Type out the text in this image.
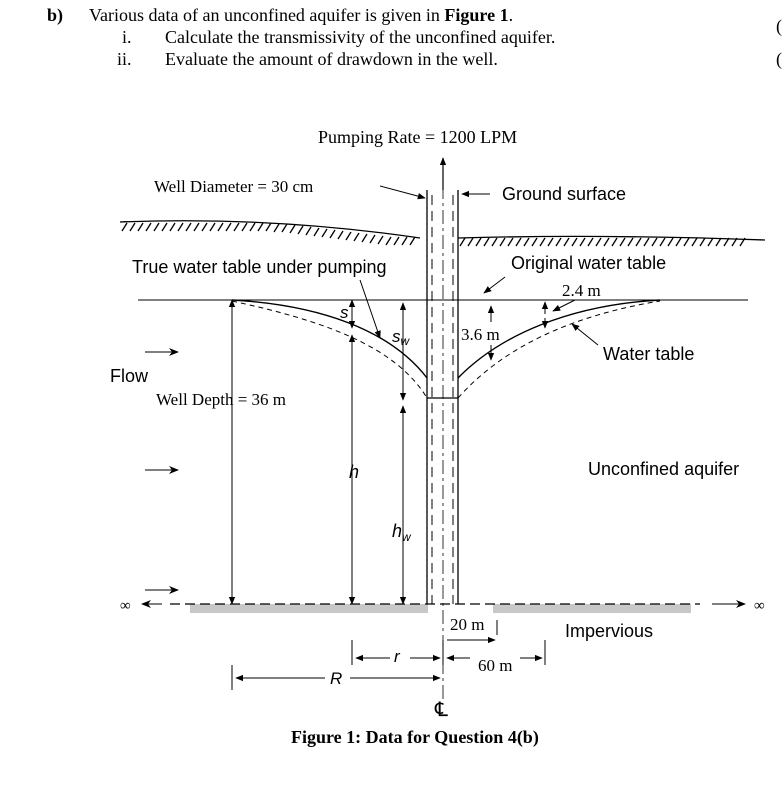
b) Various data of an unconfined aquifer is given in Figure 1.
i. Calculate the transmissivity of the unconfined aquifer.
ii. Evaluate the amount of drawdown in the well.
(
(
Pumping Rate = 1200 LPM
Well Diameter = 30 cm	Ground surface
True water table under pumping	Original water table
2.4 m
s
sw	3.6 m
Water table
Flow
Well Depth = 36 m
h
$h_w$
Unconfined aquifer
∞	∞
20 m	Impervious
r	60 m
R
℄
Figure 1: Data for Question 4(b)
